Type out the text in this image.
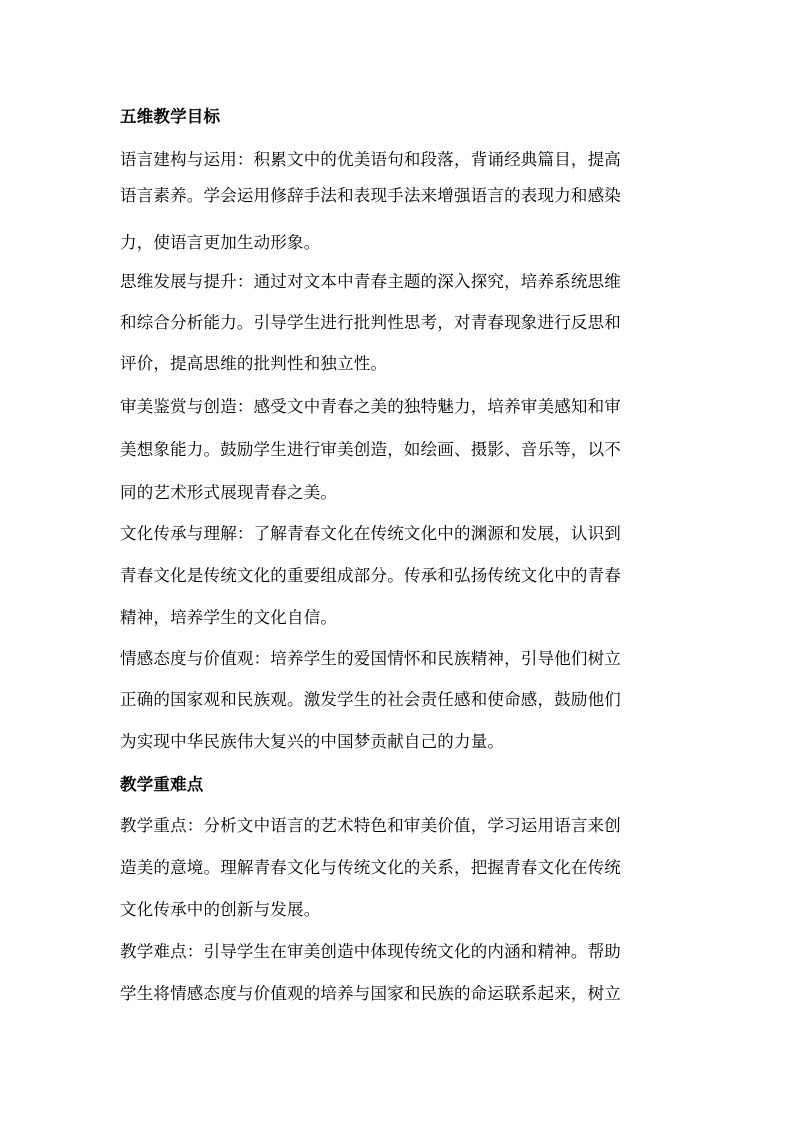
五维教学目标
语言建构与运用：积累文中的优美语句和段落，背诵经典篇目，提高
语言素养。学会运用修辞手法和表现手法来增强语言的表现力和感染
力，使语言更加生动形象。
思维发展与提升：通过对文本中青春主题的深入探究，培养系统思维
和综合分析能力。引导学生进行批判性思考，对青春现象进行反思和
评价，提高思维的批判性和独立性。
审美鉴赏与创造：感受文中青春之美的独特魅力，培养审美感知和审
美想象能力。鼓励学生进行审美创造，如绘画、摄影、音乐等，以不
同的艺术形式展现青春之美。
文化传承与理解：了解青春文化在传统文化中的渊源和发展，认识到
青春文化是传统文化的重要组成部分。传承和弘扬传统文化中的青春
精神，培养学生的文化自信。
情感态度与价值观：培养学生的爱国情怀和民族精神，引导他们树立
正确的国家观和民族观。激发学生的社会责任感和使命感，鼓励他们
为实现中华民族伟大复兴的中国梦贡献自己的力量。
教学重难点
教学重点：分析文中语言的艺术特色和审美价值，学习运用语言来创
造美的意境。理解青春文化与传统文化的关系，把握青春文化在传统
文化传承中的创新与发展。
教学难点：引导学生在审美创造中体现传统文化的内涵和精神。帮助
学生将情感态度与价值观的培养与国家和民族的命运联系起来，树立
